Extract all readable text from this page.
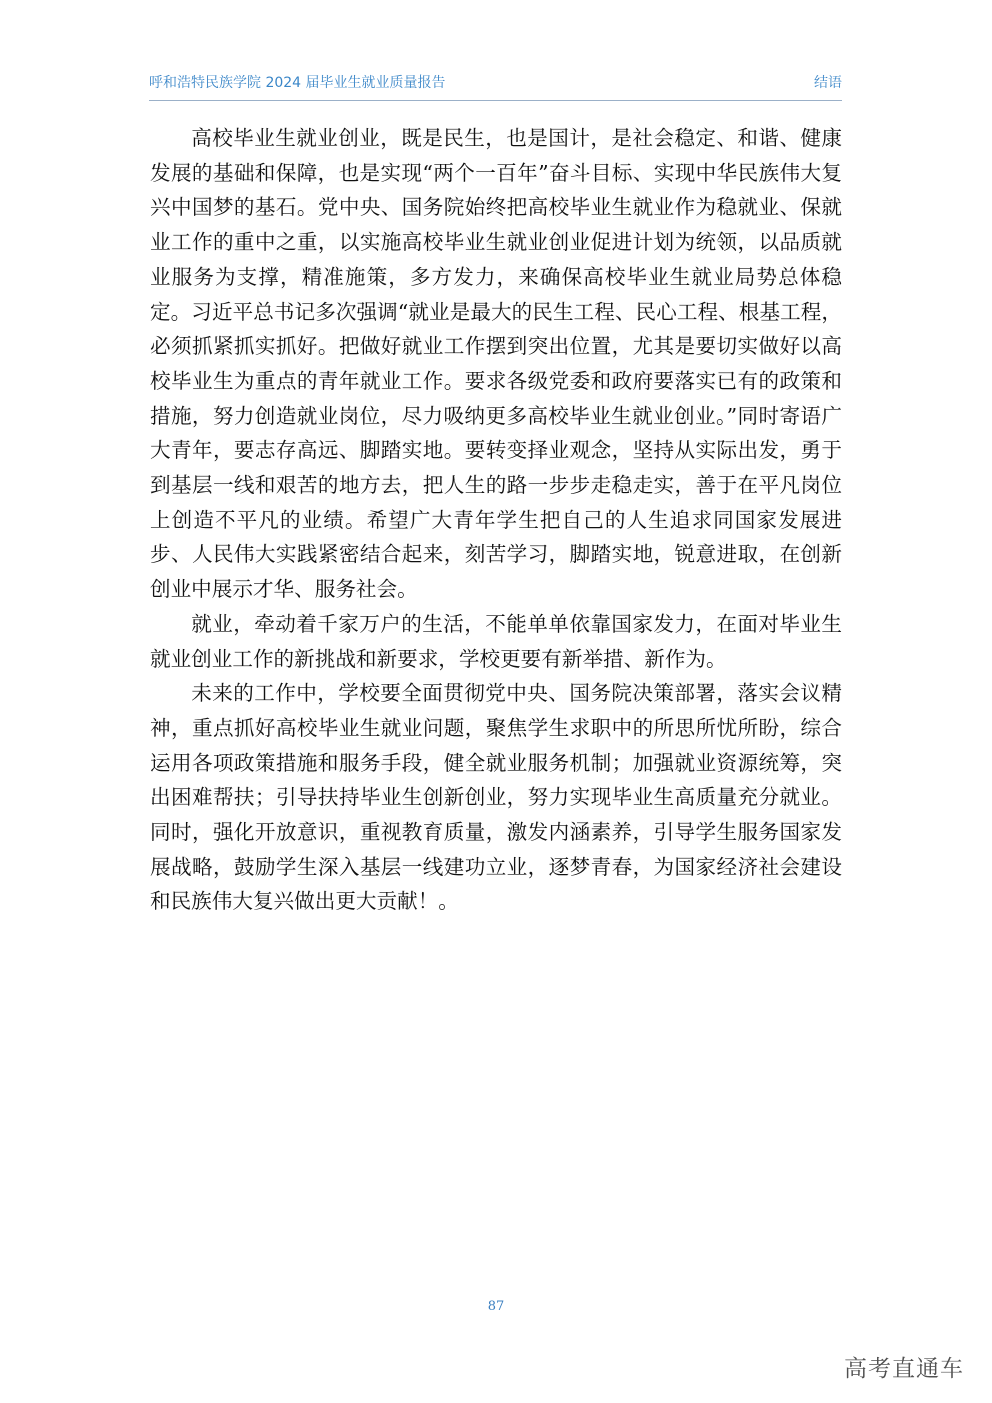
呼和浩特民族学院 2024 届毕业生就业质量报告	结语

高校毕业生就业创业，既是民生，也是国计，是社会稳定、和谐、健康发展的基础和保障，也是实现“两个一百年”奋斗目标、实现中华民族伟大复兴中国梦的基石。党中央、国务院始终把高校毕业生就业作为稳就业、保就业工作的重中之重，以实施高校毕业生就业创业促进计划为统领，以品质就业服务为支撑，精准施策，多方发力，来确保高校毕业生就业局势总体稳定。习近平总书记多次强调“就业是最大的民生工程、民心工程、根基工程，必须抓紧抓实抓好。把做好就业工作摆到突出位置，尤其是要切实做好以高校毕业生为重点的青年就业工作。要求各级党委和政府要落实已有的政策和措施，努力创造就业岗位，尽力吸纳更多高校毕业生就业创业。”同时寄语广大青年，要志存高远、脚踏实地。要转变择业观念，坚持从实际出发，勇于到基层一线和艰苦的地方去，把人生的路一步步走稳走实，善于在平凡岗位上创造不平凡的业绩。希望广大青年学生把自己的人生追求同国家发展进步、人民伟大实践紧密结合起来，刻苦学习，脚踏实地，锐意进取，在创新创业中展示才华、服务社会。

就业，牵动着千家万户的生活，不能单单依靠国家发力，在面对毕业生就业创业工作的新挑战和新要求，学校更要有新举措、新作为。

未来的工作中，学校要全面贯彻党中央、国务院决策部署，落实会议精神，重点抓好高校毕业生就业问题，聚焦学生求职中的所思所忧所盼，综合运用各项政策措施和服务手段，健全就业服务机制；加强就业资源统筹，突出困难帮扶；引导扶持毕业生创新创业，努力实现毕业生高质量充分就业。同时，强化开放意识，重视教育质量，激发内涵素养，引导学生服务国家发展战略，鼓励学生深入基层一线建功立业，逐梦青春，为国家经济社会建设和民族伟大复兴做出更大贡献！。

87
高考直通车
